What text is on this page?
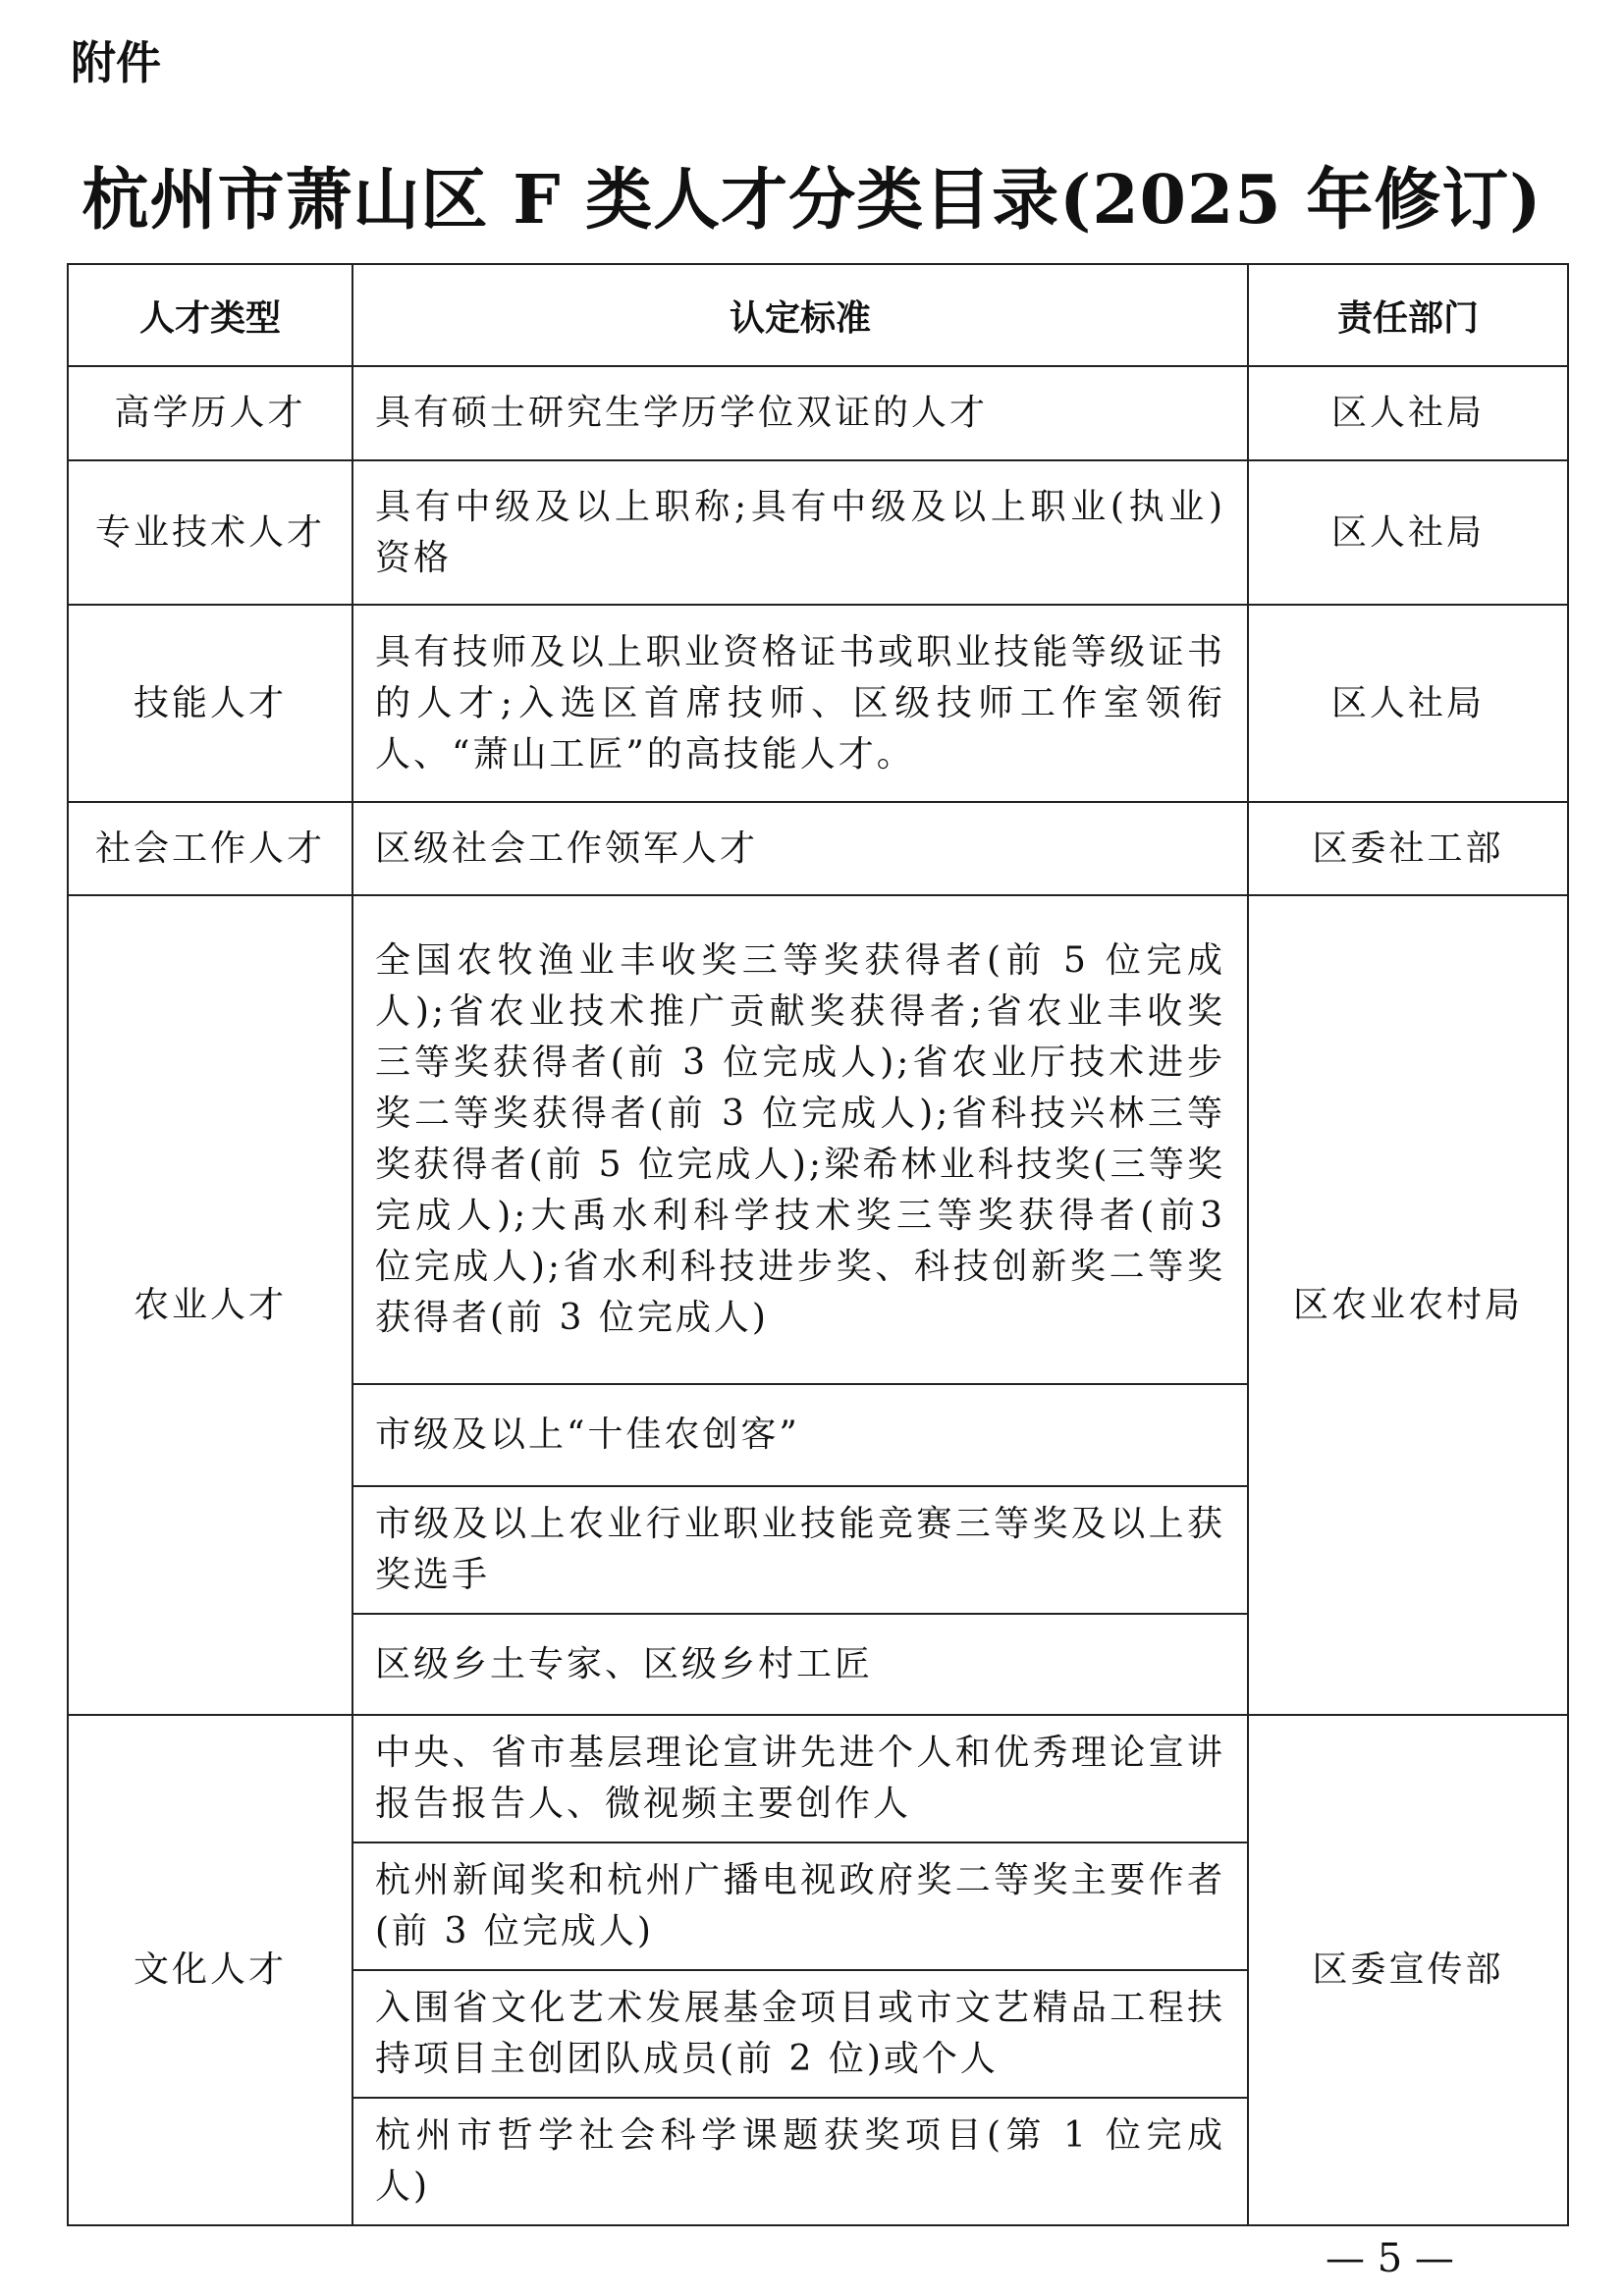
附件
杭州市萧山区 F 类人才分类目录(2025 年修订)
人才类型	认定标准	责任部门
高学历人才	具有硕士研究生学历学位双证的人才	区人社局
专业技术人才	具有中级及以上职称;具有中级及以上职业(执业)资格	区人社局
技能人才	具有技师及以上职业资格证书或职业技能等级证书的人才;入选区首席技师、区级技师工作室领衔人、“萧山工匠”的高技能人才。	区人社局
社会工作人才	区级社会工作领军人才	区委社工部
农业人才	全国农牧渔业丰收奖三等奖获得者(前 5 位完成人);省农业技术推广贡献奖获得者;省农业丰收奖三等奖获得者(前 3 位完成人);省农业厅技术进步奖二等奖获得者(前 3 位完成人);省科技兴林三等奖获得者(前 5 位完成人);梁希林业科技奖(三等奖完成人);大禹水利科学技术奖三等奖获得者(前3 位完成人);省水利科技进步奖、科技创新奖二等奖获得者(前 3 位完成人)	区农业农村局
	市级及以上“十佳农创客”	
	市级及以上农业行业职业技能竞赛三等奖及以上获奖选手	
	区级乡土专家、区级乡村工匠	
文化人才	中央、省市基层理论宣讲先进个人和优秀理论宣讲报告报告人、微视频主要创作人	区委宣传部
	杭州新闻奖和杭州广播电视政府奖二等奖主要作者(前 3 位完成人)	
	入围省文化艺术发展基金项目或市文艺精品工程扶持项目主创团队成员(前 2 位)或个人	
	杭州市哲学社会科学课题获奖项目(第 1 位完成人)	
— 5 —
